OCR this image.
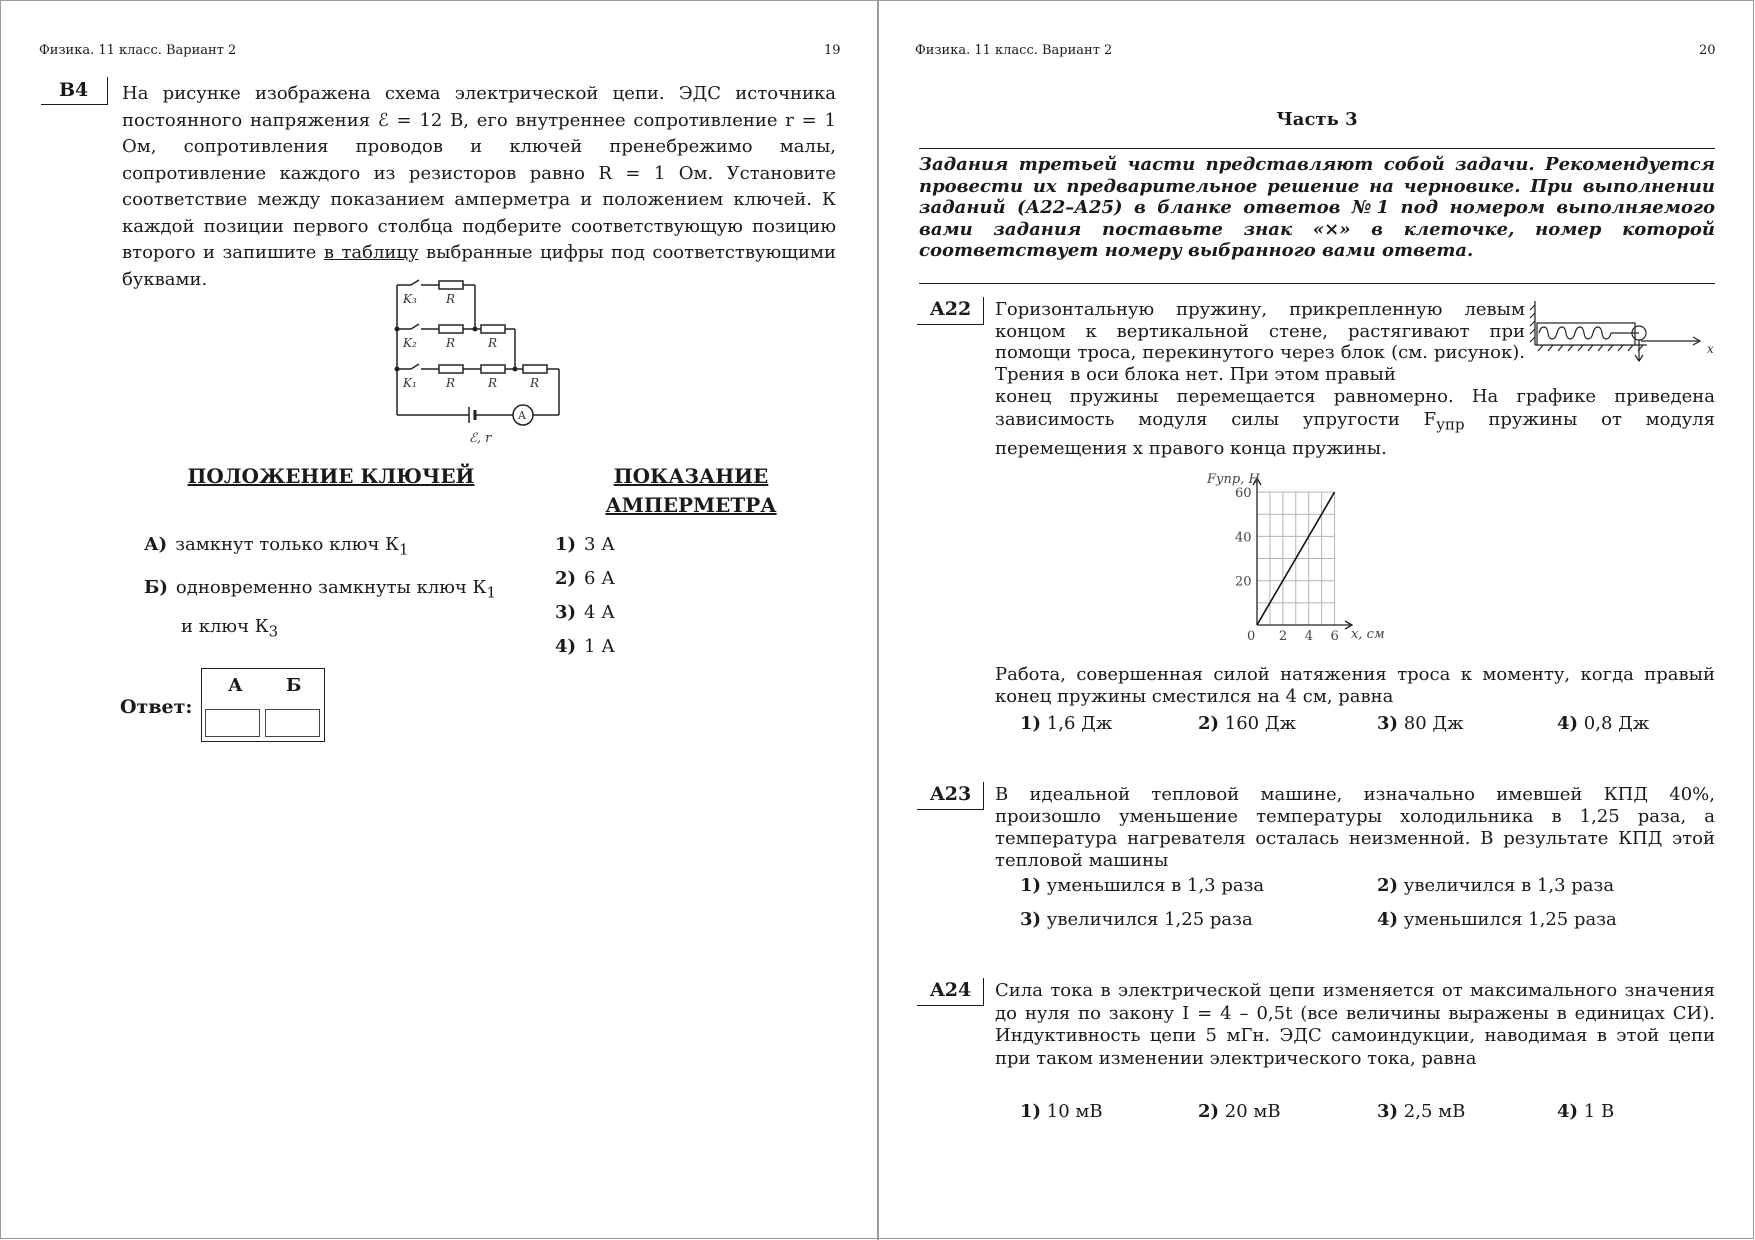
Физика. 11 класс. Вариант 2	19
B4 На рисунке изображена схема электрической цепи. ЭДС источника постоянного напряжения ℰ = 12 В, его внутреннее сопротивление r = 1 Ом, сопротивления проводов и ключей пренебрежимо малы, сопротивление каждого из резисторов равно R = 1 Ом. Установите соответствие между показанием амперметра и положением ключей. К каждой позиции первого столбца подберите соответствующую позицию второго и запишите в таблицу выбранные цифры под соответствующими буквами.
K₃ R
K₂ R	R
K₁ R	R	R
A
ℰ, r
ПОЛОЖЕНИЕ КЛЮЧЕЙ	ПОКАЗАНИЕ
АМПЕРМЕТРА
А) замкнут только ключ $К_1$
Б) одновременно замкнуты ключ $К_1$
и ключ $К_3$
1) 3 А
2) 6 А
3) 4 А
4) 1 А
Ответ:
А Б
Физика. 11 класс. Вариант 2	20
Часть 3
Задания третьей части представляют собой задачи. Рекомендуется провести их предварительное решение на черновике. При выполнении заданий (А22–А25) в бланке ответов №1 под номером выполняемого вами задания поставьте знак «×» в клеточке, номер которой соответствует номеру выбранного вами ответа.
A22 Горизонтальную пружину, прикрепленную левым концом к вертикальной стене, растягивают при помощи троса, перекинутого через блок (см. рисунок). Трения в оси блока нет. При этом правый
конец пружины перемещается равномерно. На графике приведена зависимость модуля силы упругости $F_{упр}$ пружины от модуля перемещения x правого конца пружины.
x
0 2 4 6
20
40
60
Fупр, Н
x, см
Работа, совершенная силой натяжения троса к моменту, когда правый конец пружины сместился на 4 см, равна
1) 1,6 Дж	2) 160 Дж	3) 80 Дж	4) 0,8 Дж
A23 В идеальной тепловой машине, изначально имевшей КПД 40%, произошло уменьшение температуры холодильника в 1,25 раза, а температура нагревателя осталась неизменной. В результате КПД этой тепловой машины
1) уменьшился в 1,3 раза	2) увеличился в 1,3 раза
3) увеличился 1,25 раза	4) уменьшился 1,25 раза
A24 Сила тока в электрической цепи изменяется от максимального значения до нуля по закону I = 4 – 0,5t (все величины выражены в единицах СИ). Индуктивность цепи 5 мГн. ЭДС самоиндукции, наводимая в этой цепи при таком изменении электрического тока, равна
1) 10 мВ	2) 20 мВ	3) 2,5 мВ	4) 1 В
